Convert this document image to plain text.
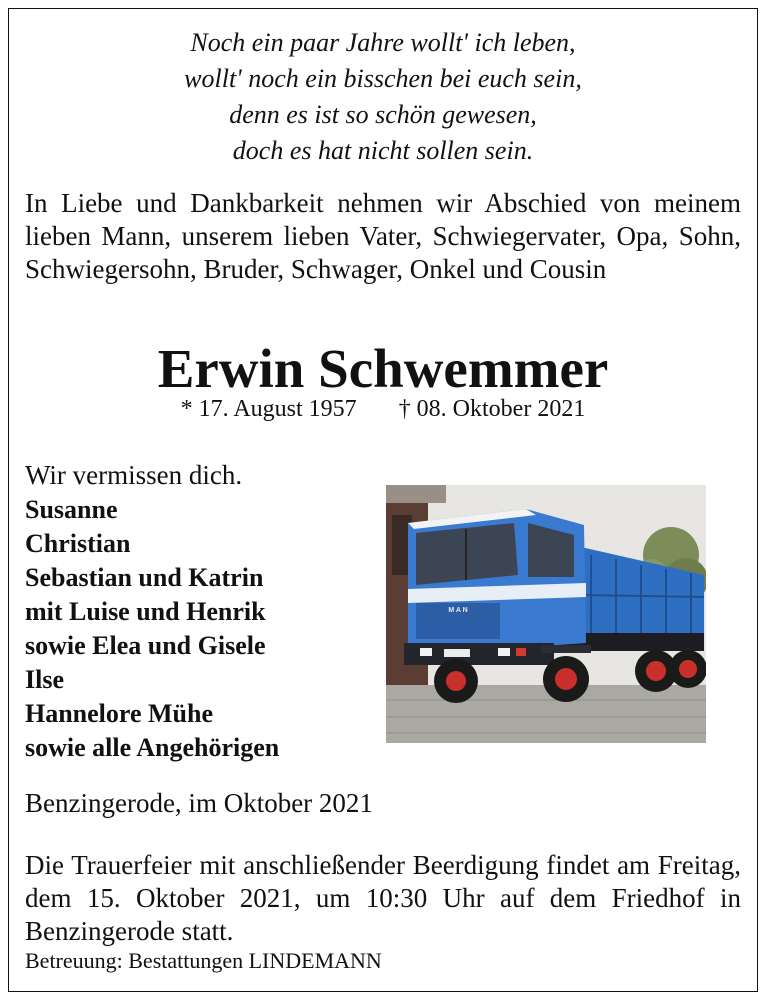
Noch ein paar Jahre wollt' ich leben,
wollt' noch ein bisschen bei euch sein,
denn es ist so schön gewesen,
doch es hat nicht sollen sein.
In Liebe und Dankbarkeit nehmen wir Abschied von meinem lieben Mann, unserem lieben Vater, Schwiegervater, Opa, Sohn, Schwiegersohn, Bruder, Schwager, Onkel und Cousin
Erwin Schwemmer
* 17. August 1957 † 08. Oktober 2021
Wir vermissen dich.
Susanne
Christian
Sebastian und Katrin
mit Luise und Henrik
sowie Elea und Gisele
Ilse
Hannelore Mühe
sowie alle Angehörigen
M A N
Benzingerode, im Oktober 2021
Die Trauerfeier mit anschließender Beerdigung findet am Freitag, dem 15. Oktober 2021, um 10:30 Uhr auf dem Friedhof in Benzingerode statt.
Betreuung: Bestattungen LINDEMANN
